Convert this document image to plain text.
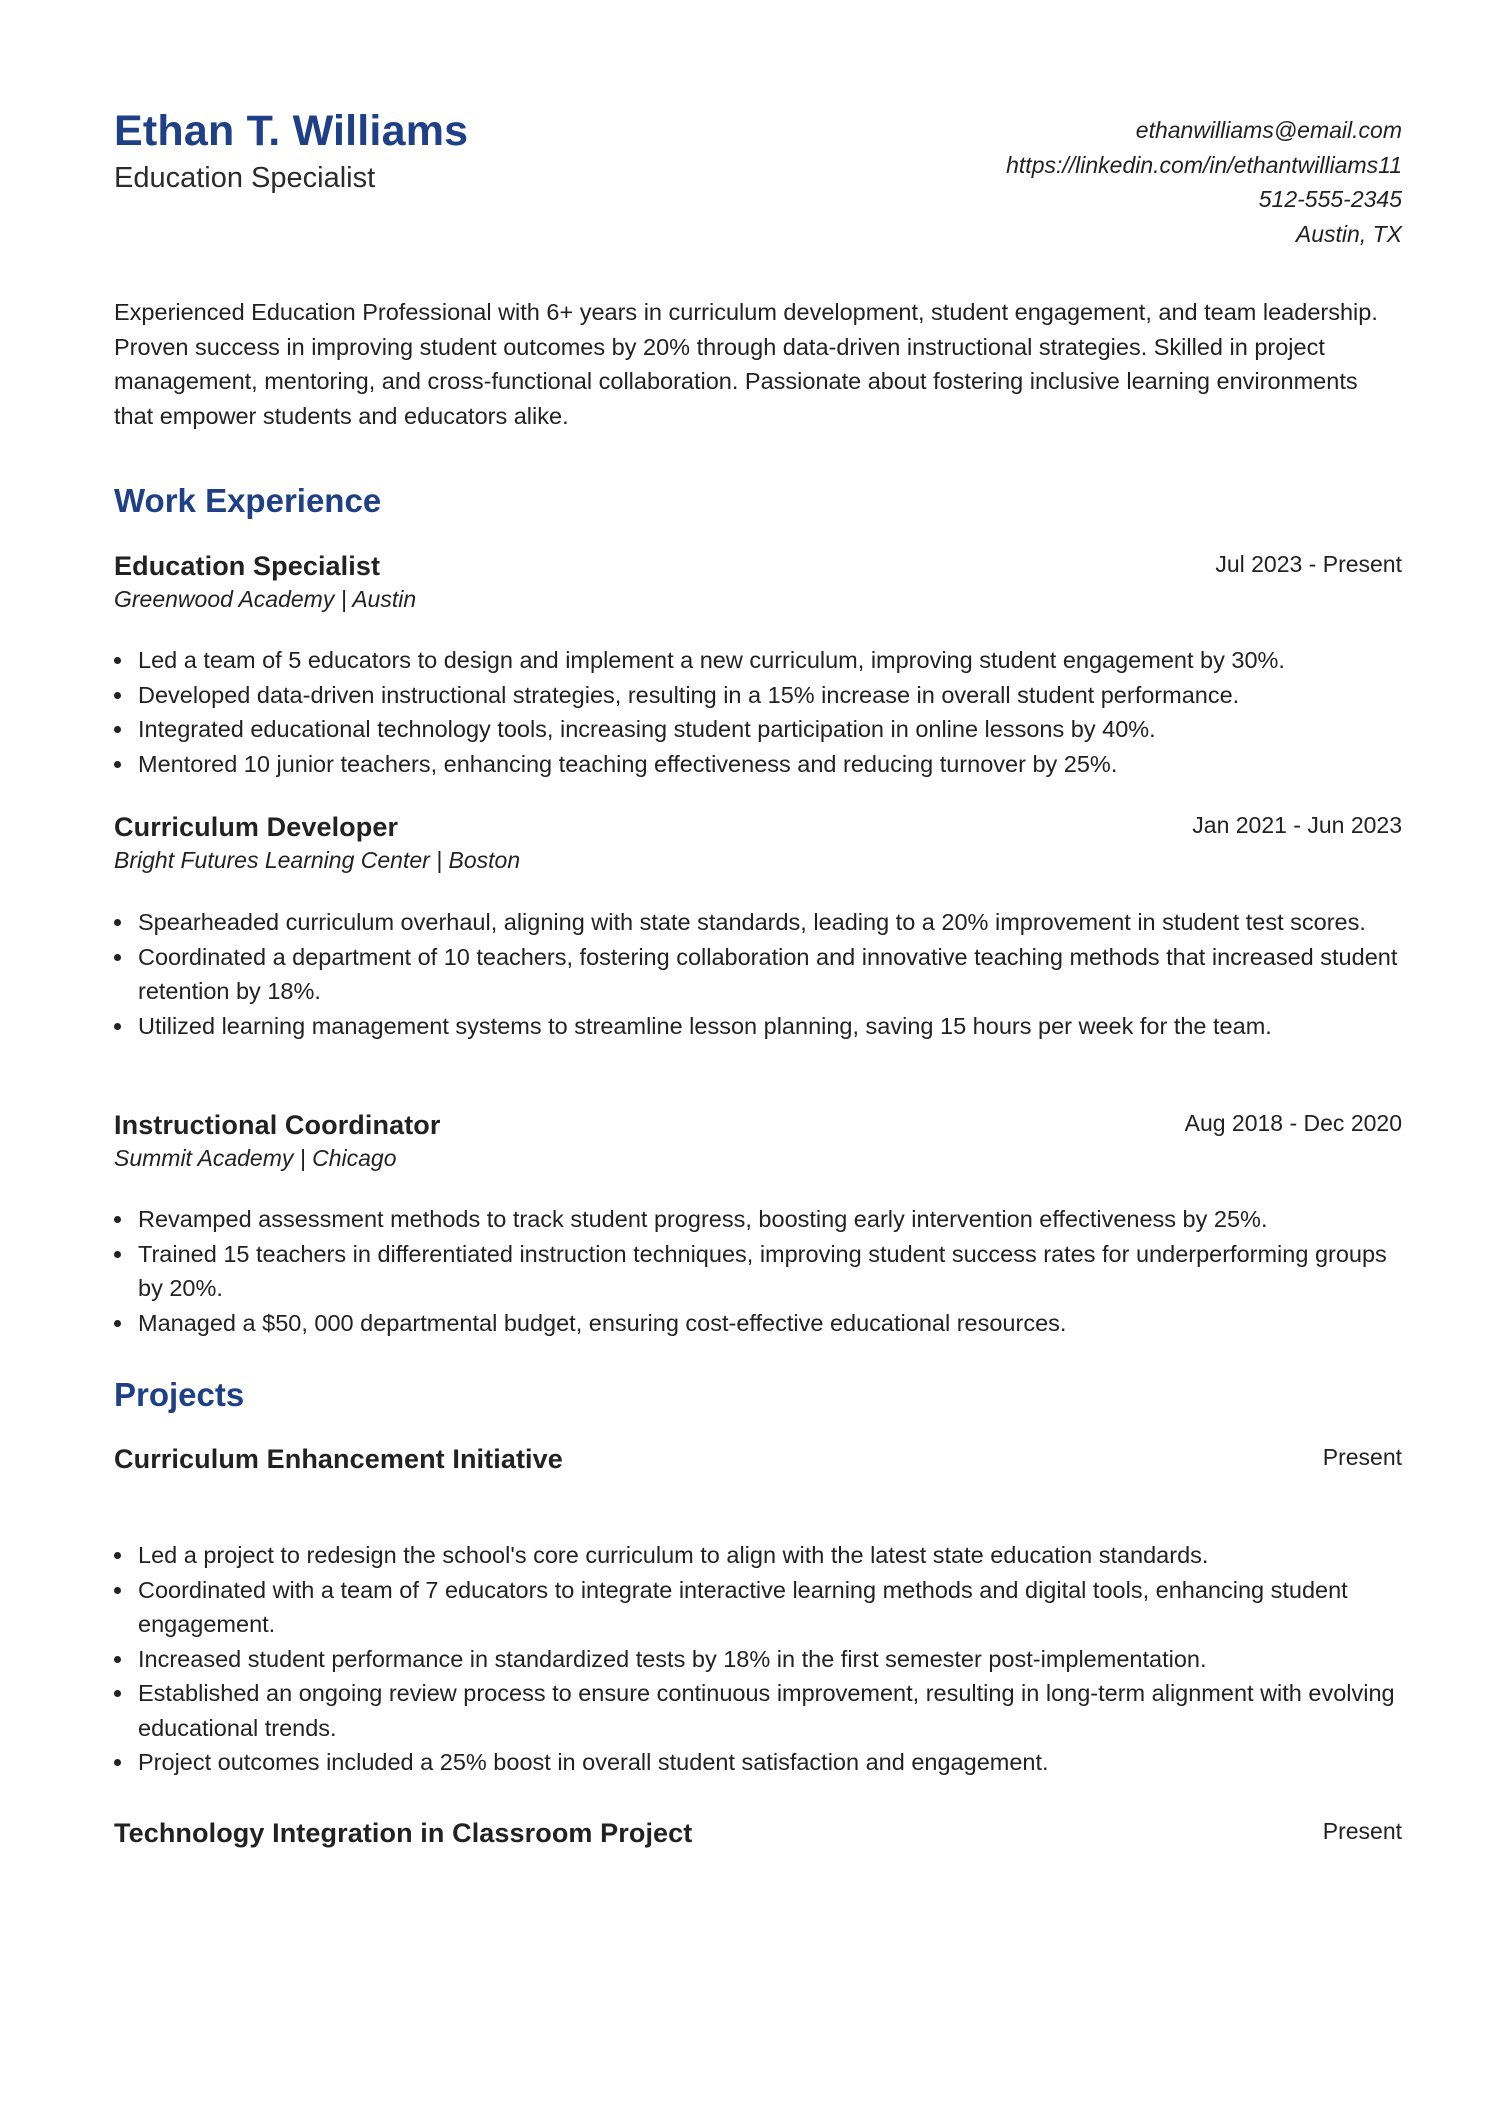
Ethan T. Williams
Education Specialist
ethanwilliams@email.com
https://linkedin.com/in/ethantwilliams11
512-555-2345
Austin, TX

Experienced Education Professional with 6+ years in curriculum development, student engagement, and team leadership. Proven success in improving student outcomes by 20% through data-driven instructional strategies. Skilled in project management, mentoring, and cross-functional collaboration. Passionate about fostering inclusive learning environments that empower students and educators alike.

Work Experience
Education Specialist	Jul 2023 - Present
Greenwood Academy | Austin
Led a team of 5 educators to design and implement a new curriculum, improving student engagement by 30%.
Developed data-driven instructional strategies, resulting in a 15% increase in overall student performance.
Integrated educational technology tools, increasing student participation in online lessons by 40%.
Mentored 10 junior teachers, enhancing teaching effectiveness and reducing turnover by 25%.
Curriculum Developer	Jan 2021 - Jun 2023
Bright Futures Learning Center | Boston
Spearheaded curriculum overhaul, aligning with state standards, leading to a 20% improvement in student test scores.
Coordinated a department of 10 teachers, fostering collaboration and innovative teaching methods that increased student retention by 18%.
Utilized learning management systems to streamline lesson planning, saving 15 hours per week for the team.
Instructional Coordinator	Aug 2018 - Dec 2020
Summit Academy | Chicago
Revamped assessment methods to track student progress, boosting early intervention effectiveness by 25%.
Trained 15 teachers in differentiated instruction techniques, improving student success rates for underperforming groups by 20%.
Managed a $50, 000 departmental budget, ensuring cost-effective educational resources.
Projects
Curriculum Enhancement Initiative	Present
Led a project to redesign the school's core curriculum to align with the latest state education standards.
Coordinated with a team of 7 educators to integrate interactive learning methods and digital tools, enhancing student engagement.
Increased student performance in standardized tests by 18% in the first semester post-implementation.
Established an ongoing review process to ensure continuous improvement, resulting in long-term alignment with evolving educational trends.
Project outcomes included a 25% boost in overall student satisfaction and engagement.
Technology Integration in Classroom Project	Present
